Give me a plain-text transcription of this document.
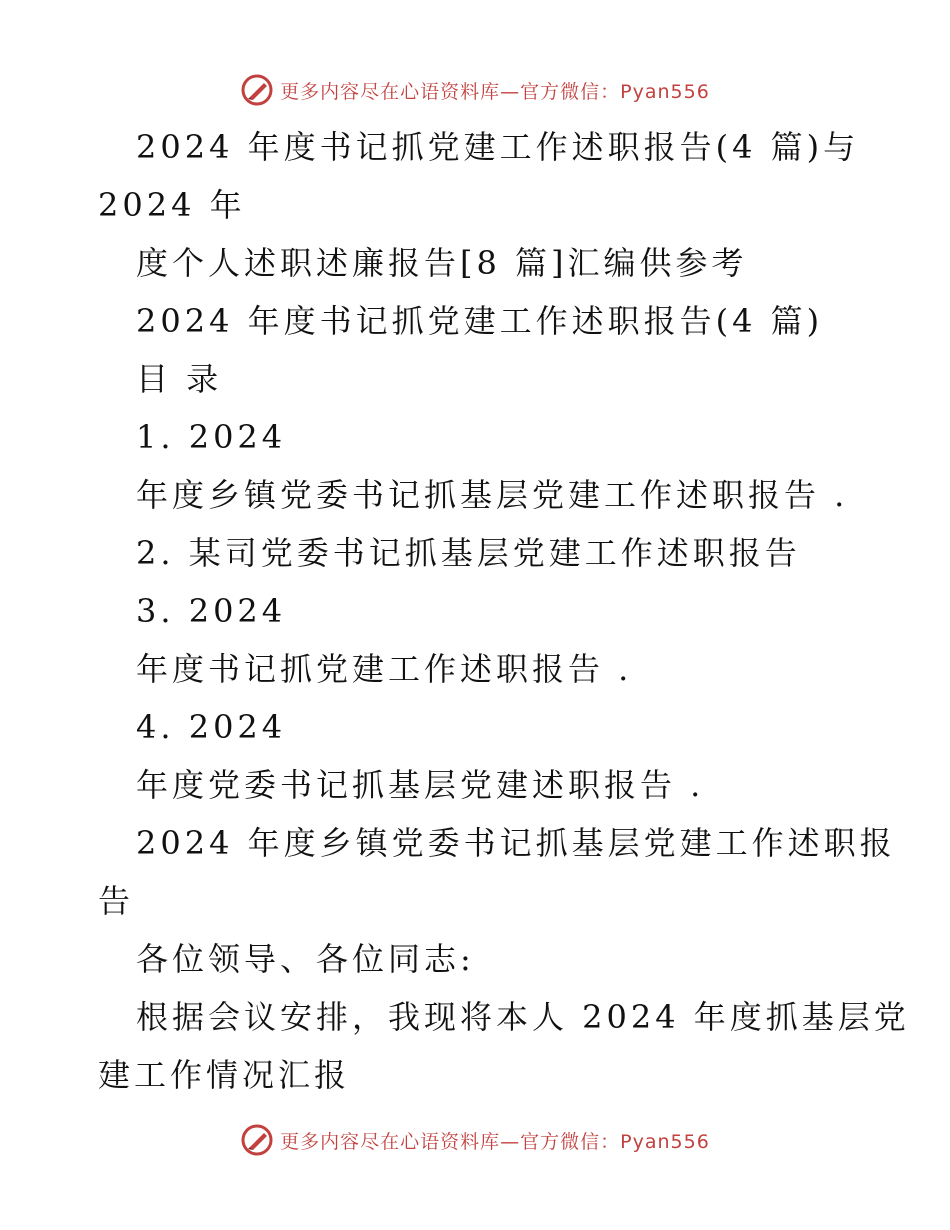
更多内容尽在心语资料库—官方微信：Pyan556
2024 年度书记抓党建工作述职报告(4 篇)与
2024 年
度个人述职述廉报告[8 篇]汇编供参考
2024 年度书记抓党建工作述职报告(4 篇)
目 录
1. 2024
年度乡镇党委书记抓基层党建工作述职报告 .
2. 某司党委书记抓基层党建工作述职报告
3. 2024
年度书记抓党建工作述职报告 .
4. 2024
年度党委书记抓基层党建述职报告 .
2024 年度乡镇党委书记抓基层党建工作述职报
告
各位领导、各位同志:
根据会议安排，我现将本人 2024 年度抓基层党
建工作情况汇报
更多内容尽在心语资料库—官方微信：Pyan556
